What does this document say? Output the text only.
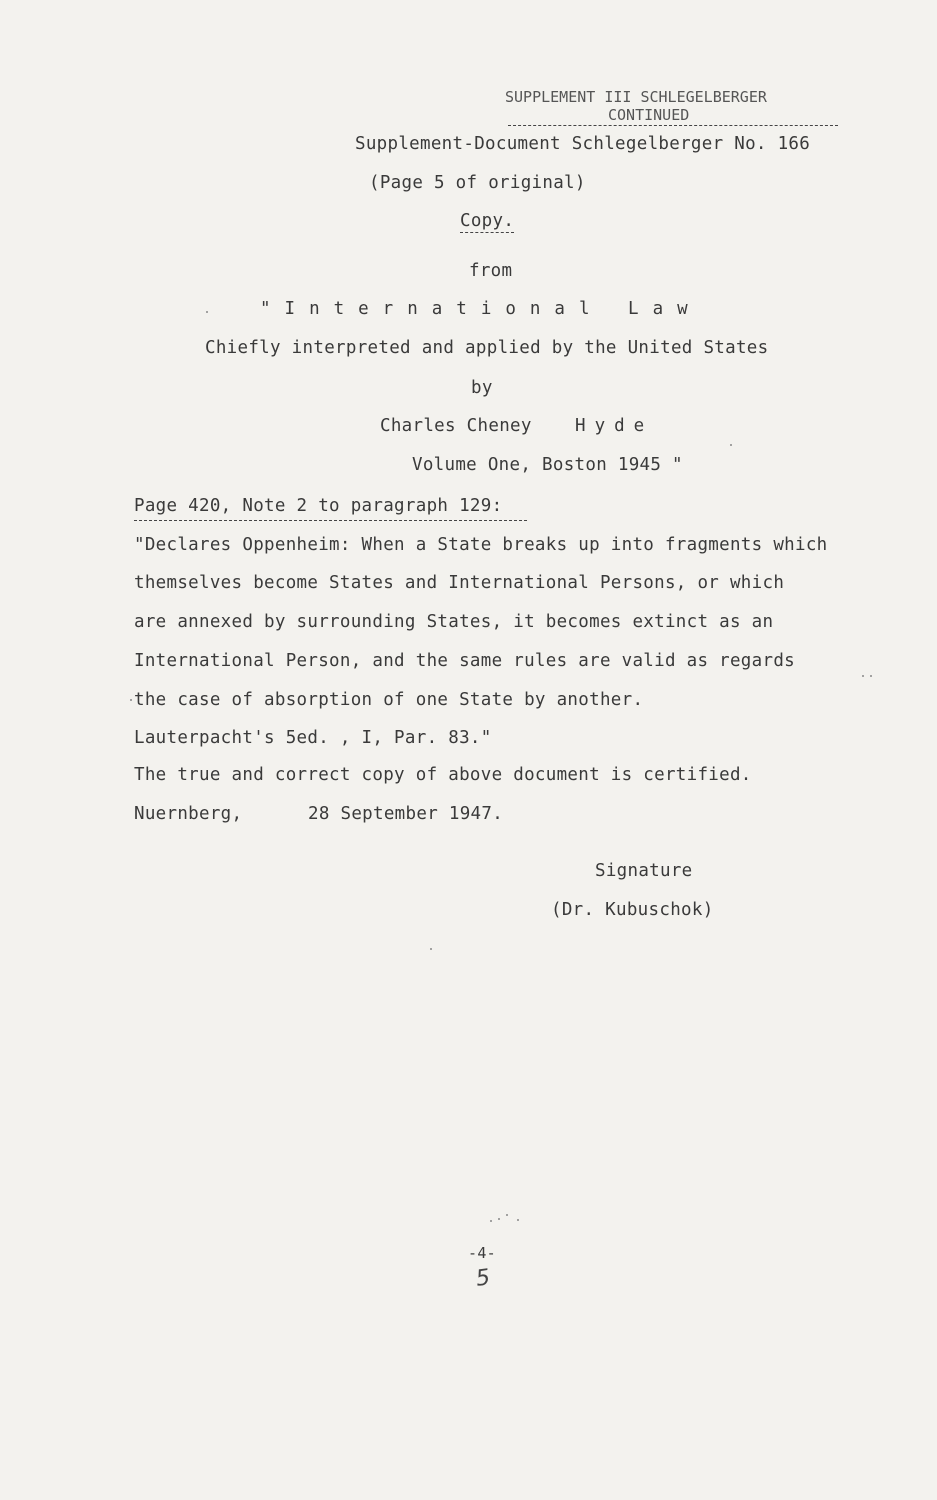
SUPPLEMENT III SCHLEGELBERGER
CONTINUED
Supplement-Document Schlegelberger No. 166
(Page 5 of original)
Copy.
from
"International Law
Chiefly interpreted and applied by the United States
by
Charles Cheney Hyde
Volume One, Boston 1945 "
Page 420, Note 2 to paragraph 129:
"Declares Oppenheim: When a State breaks up into fragments which
themselves become States and International Persons, or which
are annexed by surrounding States, it becomes extinct as an
International Person, and the same rules are valid as regards
the case of absorption of one State by another.
Lauterpacht's 5ed. , I, Par. 83."
The true and correct copy of above document is certified.
Nuernberg,	28 September 1947.
Signature
(Dr. Kubuschok)
-4-
5
